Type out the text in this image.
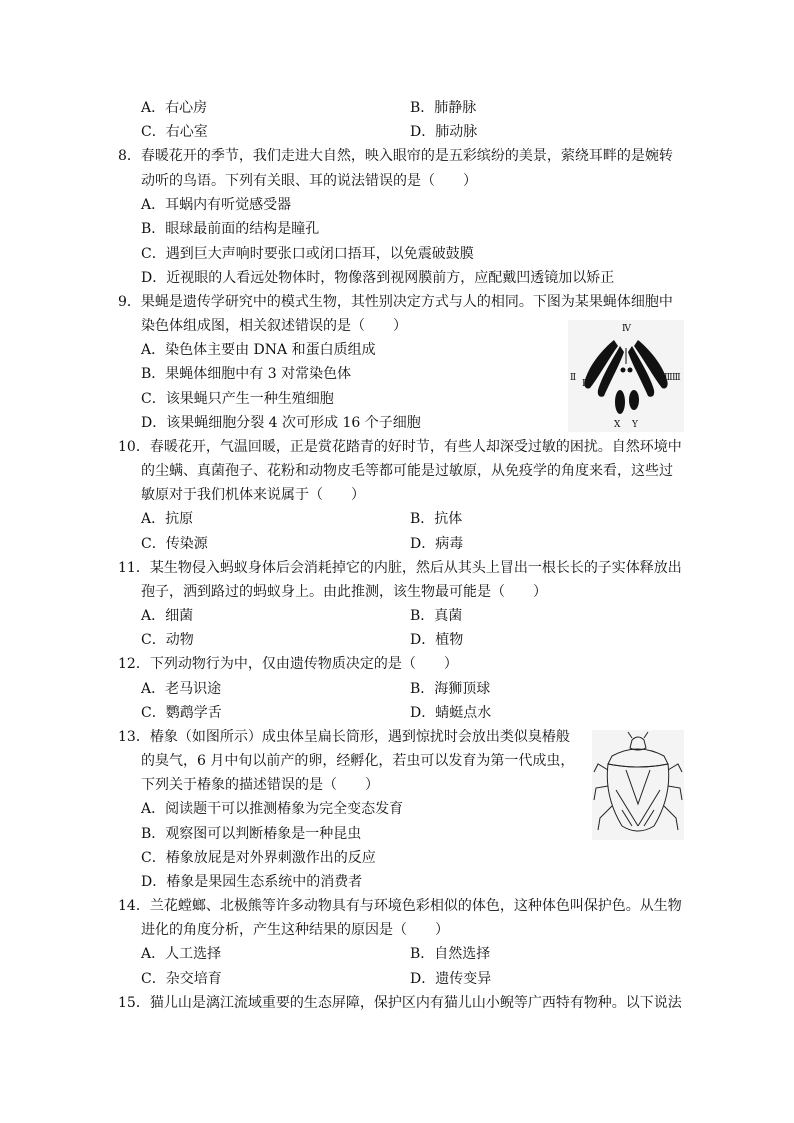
A．右心房	B．肺静脉
C．右心室	D．肺动脉
8．春暖花开的季节，我们走进大自然，映入眼帘的是五彩缤纷的美景，萦绕耳畔的是婉转
动听的鸟语。下列有关眼、耳的说法错误的是（　　）
A．耳蜗内有听觉感受器
B．眼球最前面的结构是瞳孔
C．遇到巨大声响时要张口或闭口捂耳，以免震破鼓膜
D．近视眼的人看远处物体时，物像落到视网膜前方，应配戴凹透镜加以矫正
9．果蝇是遗传学研究中的模式生物，其性别决定方式与人的相同。下图为某果蝇体细胞中
染色体组成图，相关叙述错误的是（　　）
A．染色体主要由 DNA 和蛋白质组成
B．果蝇体细胞中有 3 对常染色体
C．该果蝇只产生一种生殖细胞
D．该果蝇细胞分裂 4 次可形成 16 个子细胞
Ⅳ
Ⅱ
Ⅱ
Ⅲ Ⅲ
X Y
10．春暖花开，气温回暖，正是赏花踏青的好时节，有些人却深受过敏的困扰。自然环境中
的尘螨、真菌孢子、花粉和动物皮毛等都可能是过敏原，从免疫学的角度来看，这些过
敏原对于我们机体来说属于（　　）
A．抗原	B．抗体
C．传染源	D．病毒
11．某生物侵入蚂蚁身体后会消耗掉它的内脏，然后从其头上冒出一根长长的子实体释放出
孢子，洒到路过的蚂蚁身上。由此推测，该生物最可能是（　　）
A．细菌	B．真菌
C．动物	D．植物
12．下列动物行为中，仅由遗传物质决定的是（　　）
A．老马识途	B．海狮顶球
C．鹦鹉学舌	D．蜻蜓点水
13．椿象（如图所示）成虫体呈扁长筒形，遇到惊扰时会放出类似臭椿般
的臭气，6 月中旬以前产的卵，经孵化，若虫可以发育为第一代成虫，
下列关于椿象的描述错误的是（　　）
A．阅读题干可以推测椿象为完全变态发育
B．观察图可以判断椿象是一种昆虫
C．椿象放屁是对外界刺激作出的反应
D．椿象是果园生态系统中的消费者
14．兰花螳螂、北极熊等许多动物具有与环境色彩相似的体色，这种体色叫保护色。从生物
进化的角度分析，产生这种结果的原因是（　　）
A．人工选择	B．自然选择
C．杂交培育	D．遗传变异
15．猫儿山是漓江流域重要的生态屏障，保护区内有猫儿山小鲵等广西特有物种。以下说法
